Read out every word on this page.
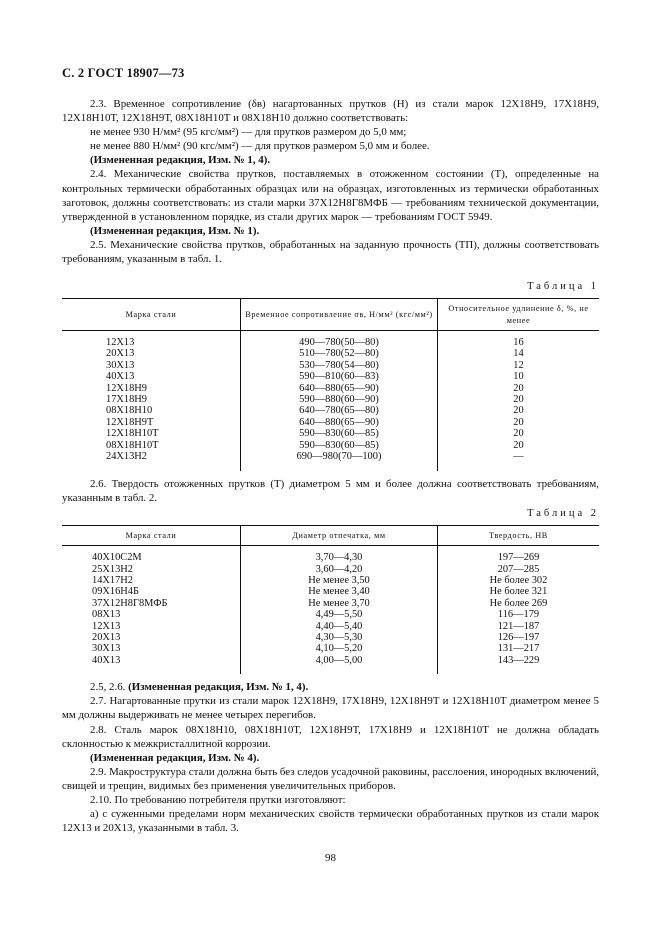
С. 2 ГОСТ 18907—73

2.3. Временное сопротивление (δв) нагартованных прутков (Н) из стали марок 12Х18Н9, 17Х18Н9, 12Х18Н10Т, 12Х18Н9Т, 08Х18Н10Т и 08Х18Н10 должно соответствовать:

не менее 930 Н/мм² (95 кгс/мм²) — для прутков размером до 5,0 мм;

не менее 880 Н/мм² (90 кгс/мм²) — для прутков размером 5,0 мм и более.

(Измененная редакция, Изм. № 1, 4).

2.4. Механические свойства прутков, поставляемых в отожженном состоянии (Т), определенные на контрольных термически обработанных образцах или на образцах, изготовленных из термически обработанных заготовок, должны соответствовать: из стали марки 37Х12Н8Г8МФБ — требованиям технической документации, утвержденной в установленном порядке, из стали других марок — требованиям ГОСТ 5949.

(Измененная редакция, Изм. № 1).

2.5. Механические свойства прутков, обработанных на заданную прочность (ТП), должны соответствовать требованиям, указанным в табл. 1.

Таблица 1
Марка стали	Временное сопротивление σв, Н/мм² (кгс/мм²)	Относительное удлинение δ, %, не менее
12Х13	490—780(50—80)	16
20Х13	510—780(52—80)	14
30Х13	530—780(54—80)	12
40Х13	590—810(60—83)	10
12Х18Н9	640—880(65—90)	20
17Х18Н9	590—880(60—90)	20
08Х18Н10	640—780(65—80)	20
12Х18Н9Т	640—880(65—90)	20
12Х18Н10Т	590—830(60—85)	20
08Х18Н10Т	590—830(60—85)	20
24Х13Н2	690—980(70—100)	—

2.6. Твердость отожженных прутков (Т) диаметром 5 мм и более должна соответствовать требованиям, указанным в табл. 2.

Таблица 2
Марка стали	Диаметр отпечатка, мм	Твердость, НВ
40Х10С2М	3,70—4,30	197—269
25Х13Н2	3,60—4,20	207—285
14Х17Н2	Не менее 3,50	Не более 302
09Х16Н4Б	Не менее 3,40	Не более 321
37Х12Н8Г8МФБ	Не менее 3,70	Не более 269
08Х13	4,49—5,50	116—179
12Х13	4,40—5,40	121—187
20Х13	4,30—5,30	126—197
30Х13	4,10—5,20	131—217
40Х13	4,00—5,00	143—229

2.5, 2.6. (Измененная редакция, Изм. № 1, 4).

2.7. Нагартованные прутки из стали марок 12Х18Н9, 17Х18Н9, 12Х18Н9Т и 12Х18Н10Т диаметром менее 5 мм должны выдерживать не менее четырех перегибов.

2.8. Сталь марок 08Х18Н10, 08Х18Н10Т, 12Х18Н9Т, 17Х18Н9 и 12Х18Н10Т не должна обладать склонностью к межкристаллитной коррозии.

(Измененная редакция, Изм. № 4).

2.9. Макроструктура стали должна быть без следов усадочной раковины, расслоения, инородных включений, свищей и трещин, видимых без применения увеличительных приборов.

2.10. По требованию потребителя прутки изготовляют:

а) с суженными пределами норм механических свойств термически обработанных прутков из стали марок 12Х13 и 20Х13, указанными в табл. 3.

98
